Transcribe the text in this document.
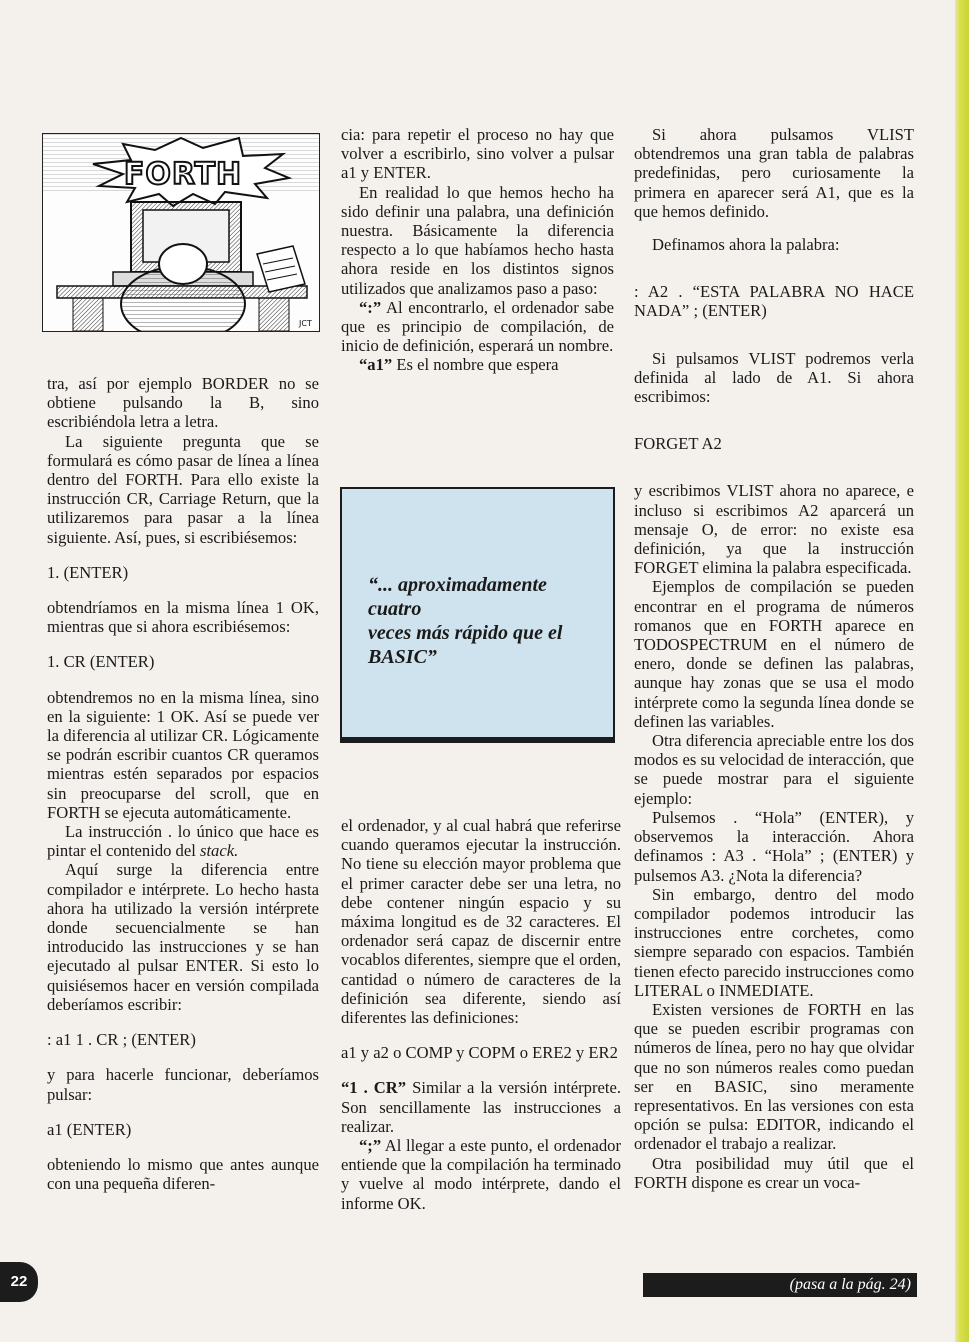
FORTH
JCT

tra, así por ejemplo BORDER no se obtiene pulsando la B, sino escribiéndola letra a letra.

La siguiente pregunta que se formulará es cómo pasar de línea a línea dentro del FORTH. Para ello existe la instrucción CR, Carriage Return, que la utilizaremos para pasar a la línea siguiente. Así, pues, si escribiésemos:

1. (ENTER)

obtendríamos en la misma línea 1 OK, mientras que si ahora escribiésemos:

1. CR (ENTER)

obtendremos no en la misma línea, sino en la siguiente: 1 OK. Así se puede ver la diferencia al utilizar CR. Lógicamente se podrán escribir cuantos CR queramos mientras estén separados por espacios sin preocuparse del scroll, que en FORTH se ejecuta automáticamente.

La instrucción . lo único que hace es pintar el contenido del stack.

Aquí surge la diferencia entre compilador e intérprete. Lo hecho hasta ahora ha utilizado la versión intérprete donde secuencialmente se han introducido las instrucciones y se han ejecutado al pulsar ENTER. Si esto lo quisiésemos hacer en versión compilada deberíamos escribir:

: a1 1 . CR ; (ENTER)

y para hacerle funcionar, deberíamos pulsar:

a1 (ENTER)

obteniendo lo mismo que antes aunque con una pequeña diferen-

cia: para repetir el proceso no hay que volver a escribirlo, sino volver a pulsar a1 y ENTER.

En realidad lo que hemos hecho ha sido definir una palabra, una definición nuestra. Básicamente la diferencia respecto a lo que habíamos hecho hasta ahora reside en los distintos signos utilizados que analizamos paso a paso:

“:” Al encontrarlo, el ordenador sabe que es principio de compilación, de inicio de definición, esperará un nombre.

“a1” Es el nombre que espera

“... aproximadamente
cuatro
veces más rápido que el
BASIC”

el ordenador, y al cual habrá que referirse cuando queramos ejecutar la instrucción. No tiene su elección mayor problema que el primer caracter debe ser una letra, no debe contener ningún espacio y su máxima longitud es de 32 caracteres. El ordenador será capaz de discernir entre vocablos diferentes, siempre que el orden, cantidad o número de caracteres de la definición sea diferente, siendo así diferentes las definiciones:

a1 y a2 o COMP y COPM o ERE2 y ER2

“1 . CR” Similar a la versión intérprete. Son sencillamente las instrucciones a realizar.

“;” Al llegar a este punto, el ordenador entiende que la compilación ha terminado y vuelve al modo intérprete, dando el informe OK.

Si ahora pulsamos VLIST obtendremos una gran tabla de palabras predefinidas, pero curiosamente la primera en aparecer será A1, que es la que hemos definido.

Definamos ahora la palabra:

: A2 . “ESTA PALABRA NO HACE NADA” ; (ENTER)

Si pulsamos VLIST podremos verla definida al lado de A1. Si ahora escribimos:

FORGET A2

y escribimos VLIST ahora no aparece, e incluso si escribimos A2 aparcerá un mensaje O, de error: no existe esa definición, ya que la instrucción FORGET elimina la palabra especificada.

Ejemplos de compilación se pueden encontrar en el programa de números romanos que en FORTH aparece en TODOSPECTRUM en el número de enero, donde se definen las palabras, aunque hay zonas que se usa el modo intérprete como la segunda línea donde se definen las variables.

Otra diferencia apreciable entre los dos modos es su velocidad de interacción, que se puede mostrar para el siguiente ejemplo:

Pulsemos . “Hola” (ENTER), y observemos la interacción. Ahora definamos : A3 . “Hola” ; (ENTER) y pulsemos A3. ¿Nota la diferencia?

Sin embargo, dentro del modo compilador podemos introducir las instrucciones entre corchetes, como siempre separado con espacios. También tienen efecto parecido instrucciones como LITERAL o INMEDIATE.

Existen versiones de FORTH en las que se pueden escribir programas con números de línea, pero no hay que olvidar que no son números reales como puedan ser en BASIC, sino meramente representativos. En las versiones con esta opción se pulsa: EDITOR, indicando el ordenador el trabajo a realizar.

Otra posibilidad muy útil que el FORTH dispone es crear un voca-

22	(pasa a la pág. 24)
